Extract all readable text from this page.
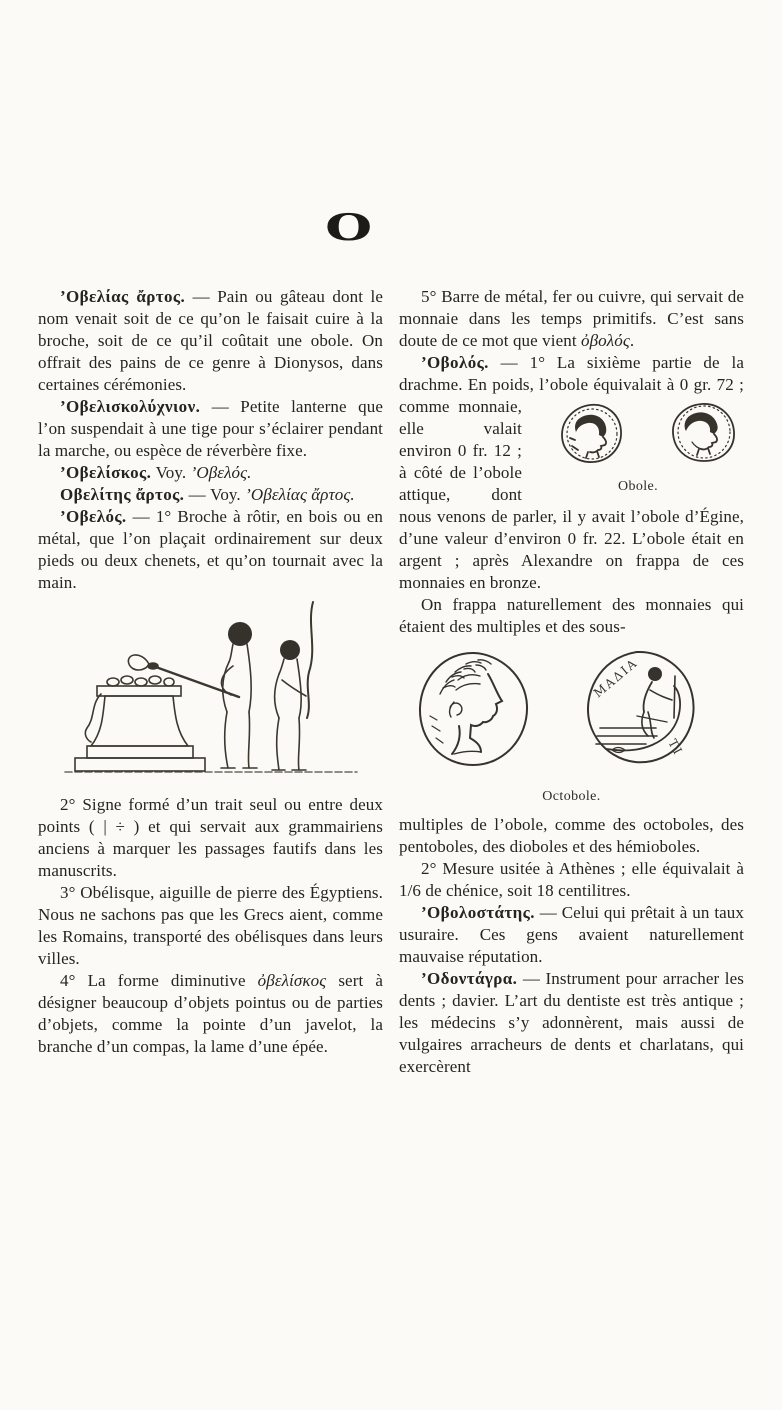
O

’Οβελίας ἄρτος. — Pain ou gâteau dont le nom venait soit de ce qu’on le faisait cuire à la broche, soit de ce qu’il coûtait une obole. On offrait des pains de ce genre à Dionysos, dans certaines cérémonies.

’Οβελισκολύχνιον. — Petite lanterne que l’on suspendait à une tige pour s’éclairer pendant la marche, ou espèce de réverbère fixe.

’Οβελίσκος. Voy. ’Οβελός.

Οβελίτης ἄρτος. — Voy. ’Οβελίας ἄρτος.

’Οβελός. — 1° Broche à rôtir, en bois ou en métal, que l’on plaçait ordinairement sur deux pieds ou deux chenets, et qu’on tournait avec la main.

2° Signe formé d’un trait seul ou entre deux points ( | ÷ ) et qui servait aux grammairiens anciens à marquer les passages fautifs dans les manuscrits.

3° Obélisque, aiguille de pierre des Égyptiens. Nous ne sachons pas que les Grecs aient, comme les Romains, transporté des obélisques dans leurs villes.

4° La forme diminutive ὀβελίσκος sert à désigner beaucoup d’objets pointus ou de parties d’objets, comme la pointe d’un javelot, la branche d’un compas, la lame d’une épée.

5° Barre de métal, fer ou cuivre, qui servait de monnaie dans les temps primitifs. C’est sans doute de ce mot que vient ὀβολός.

’Οβολός. — 1° La sixième partie de la drachme. En poids, l’obole équivalait
Obole.
à 0 gr. 72 ; comme monnaie, elle valait environ 0 fr. 12 ; à côté de l’obole attique, dont nous venons de parler, il y avait l’obole d’Égine, d’une valeur d’environ 0 fr. 22. L’obole était en argent ; après Alexandre on frappa de ces monnaies en bronze.

On frappa naturellement des monnaies qui étaient des multiples et des sous-

ΜΑΔΙΑ
ΤΙ
Octobole.

multiples de l’obole, comme des octoboles, des pentoboles, des dioboles et des hémioboles.

2° Mesure usitée à Athènes ; elle équivalait à 1/6 de chénice, soit 18 centilitres.

’Οβολοστάτης. — Celui qui prêtait à un taux usuraire. Ces gens avaient naturellement mauvaise réputation.

’Οδοντάγρα. — Instrument pour arracher les dents ; davier. L’art du dentiste est très antique ; les médecins s’y adonnèrent, mais aussi de vulgaires arracheurs de dents et charlatans, qui exercèrent
